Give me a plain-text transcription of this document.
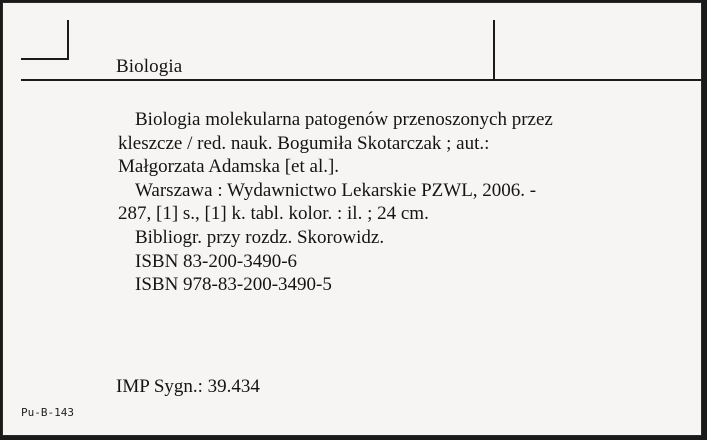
Biologia

Biologia molekularna patogenów przenoszonych przez

kleszcze / red. nauk. Bogumiła Skotarczak ; aut.:

Małgorzata Adamska [et al.].

Warszawa : Wydawnictwo Lekarskie PZWL, 2006. -

287, [1] s., [1] k. tabl. kolor. : il. ; 24 cm.

Bibliogr. przy rozdz. Skorowidz.

ISBN 83-200-3490-6

ISBN 978-83-200-3490-5

IMP Sygn.: 39.434
Pu-B-143
